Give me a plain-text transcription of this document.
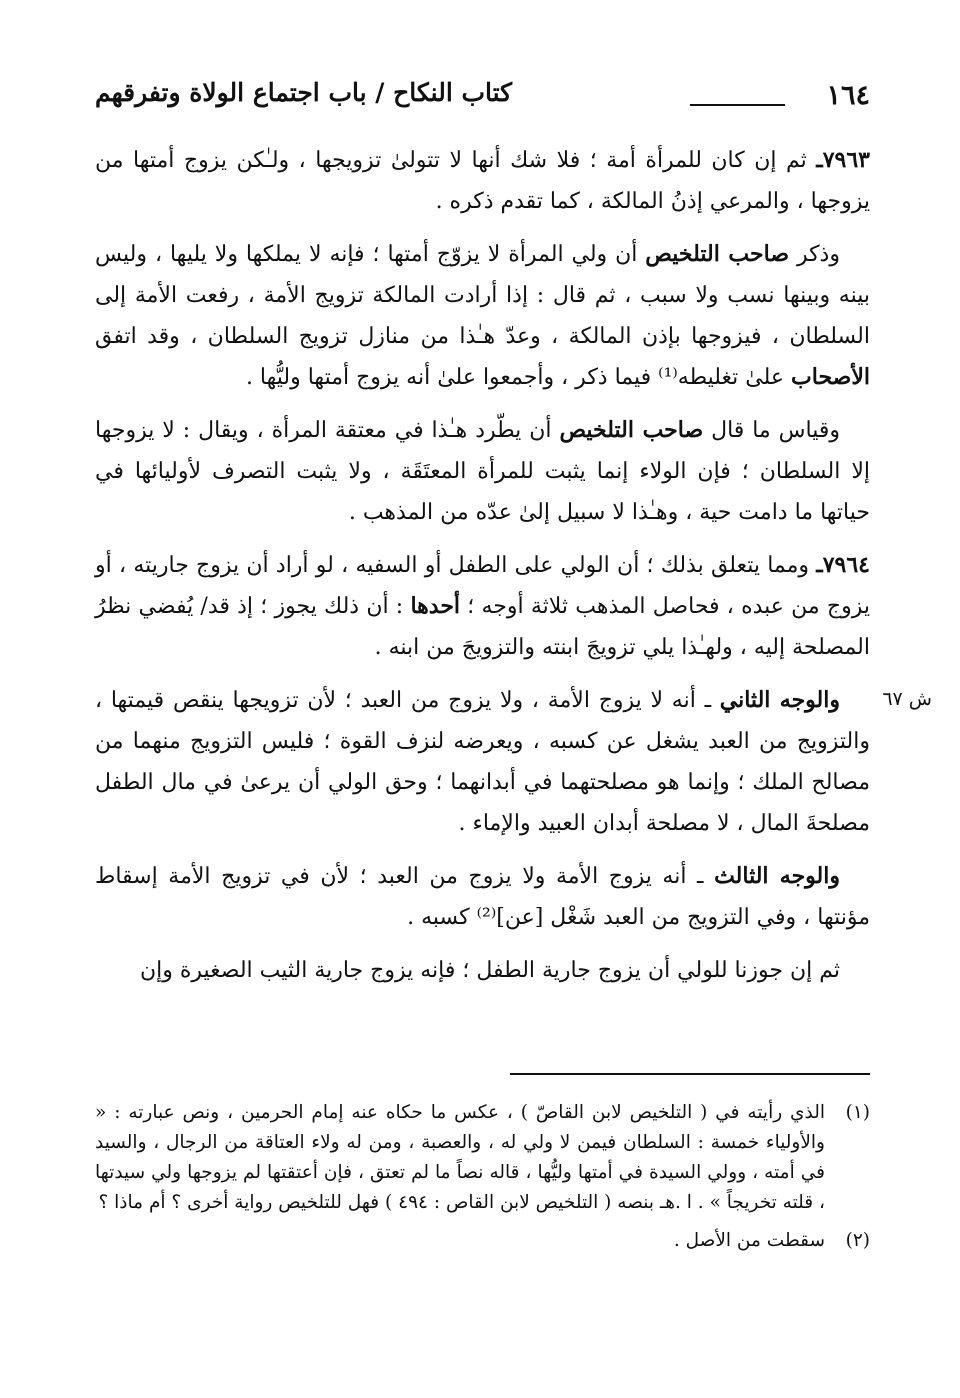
١٦٤
كتاب النكاح / باب اجتماع الولاة وتفرقهم

٧٩٦٣ـ ثم إن كان للمرأة أمة ؛ فلا شك أنها لا تتولىٰ تزويجها ، ولـٰكن يزوج أمتها من يزوجها ، والمرعي إذنُ المالكة ، كما تقدم ذكره .

وذكر صاحب التلخيص أن ولي المرأة لا يزوّج أمتها ؛ فإنه لا يملكها ولا يليها ، وليس بينه وبينها نسب ولا سبب ، ثم قال : إذا أرادت المالكة تزويج الأمة ، رفعت الأمة إلى السلطان ، فيزوجها بإذن المالكة ، وعدّ هـٰذا من منازل تزويج السلطان ، وقد اتفق الأصحاب علىٰ تغليطه⁽¹⁾ فيما ذكر ، وأجمعوا علىٰ أنه يزوج أمتها وليُّها .

وقياس ما قال صاحب التلخيص أن يطّرد هـٰذا في معتقة المرأة ، ويقال : لا يزوجها إلا السلطان ؛ فإن الولاء إنما يثبت للمرأة المعتَقَة ، ولا يثبت التصرف لأوليائها في حياتها ما دامت حية ، وهـٰذا لا سبيل إلىٰ عدّه من المذهب .

٧٩٦٤ـ ومما يتعلق بذلك ؛ أن الولي على الطفل أو السفيه ، لو أراد أن يزوج جاريته ، أو يزوج من عبده ، فحاصل المذهب ثلاثة أوجه ؛ أحدها : أن ذلك يجوز ؛ إذ قد/ يُفضي نظرُ المصلحة إليه ، ولهـٰذا يلي تزويجَ ابنته والتزويجَ من ابنه .

والوجه الثاني ـ أنه لا يزوج الأمة ، ولا يزوج من العبد ؛ لأن تزويجها ينقص قيمتها ، والتزويج من العبد يشغل عن كسبه ، ويعرضه لنزف القوة ؛ فليس التزويج منهما من مصالح الملك ؛ وإنما هو مصلحتهما في أبدانهما ؛ وحق الولي أن يرعىٰ في مال الطفل مصلحةَ المال ، لا مصلحة أبدان العبيد والإماء .

والوجه الثالث ـ أنه يزوج الأمة ولا يزوج من العبد ؛ لأن في تزويج الأمة إسقاط مؤنتها ، وفي التزويج من العبد شَغْل [عن]⁽²⁾ كسبه .

ثم إن جوزنا للولي أن يزوج جارية الطفل ؛ فإنه يزوج جارية الثيب الصغيرة وإن

ش ٦٧
(١)
الذي رأيته في ( التلخيص لابن القاصّ ) ، عكس ما حكاه عنه إمام الحرمين ، ونص عبارته : « والأولياء خمسة : السلطان فيمن لا ولي له ، والعصبة ، ومن له ولاء العتاقة من الرجال ، والسيد في أمته ، وولي السيدة في أمتها وليُّها ، قاله نصاً ما لم تعتق ، فإن أعتقتها لم يزوجها ولي سيدتها ، قلته تخريجاً » . ا .هـ بنصه ( التلخيص لابن القاص : ٤٩٤ ) فهل للتلخيص رواية أخرى ؟ أم ماذا ؟
(٢)
سقطت من الأصل .
